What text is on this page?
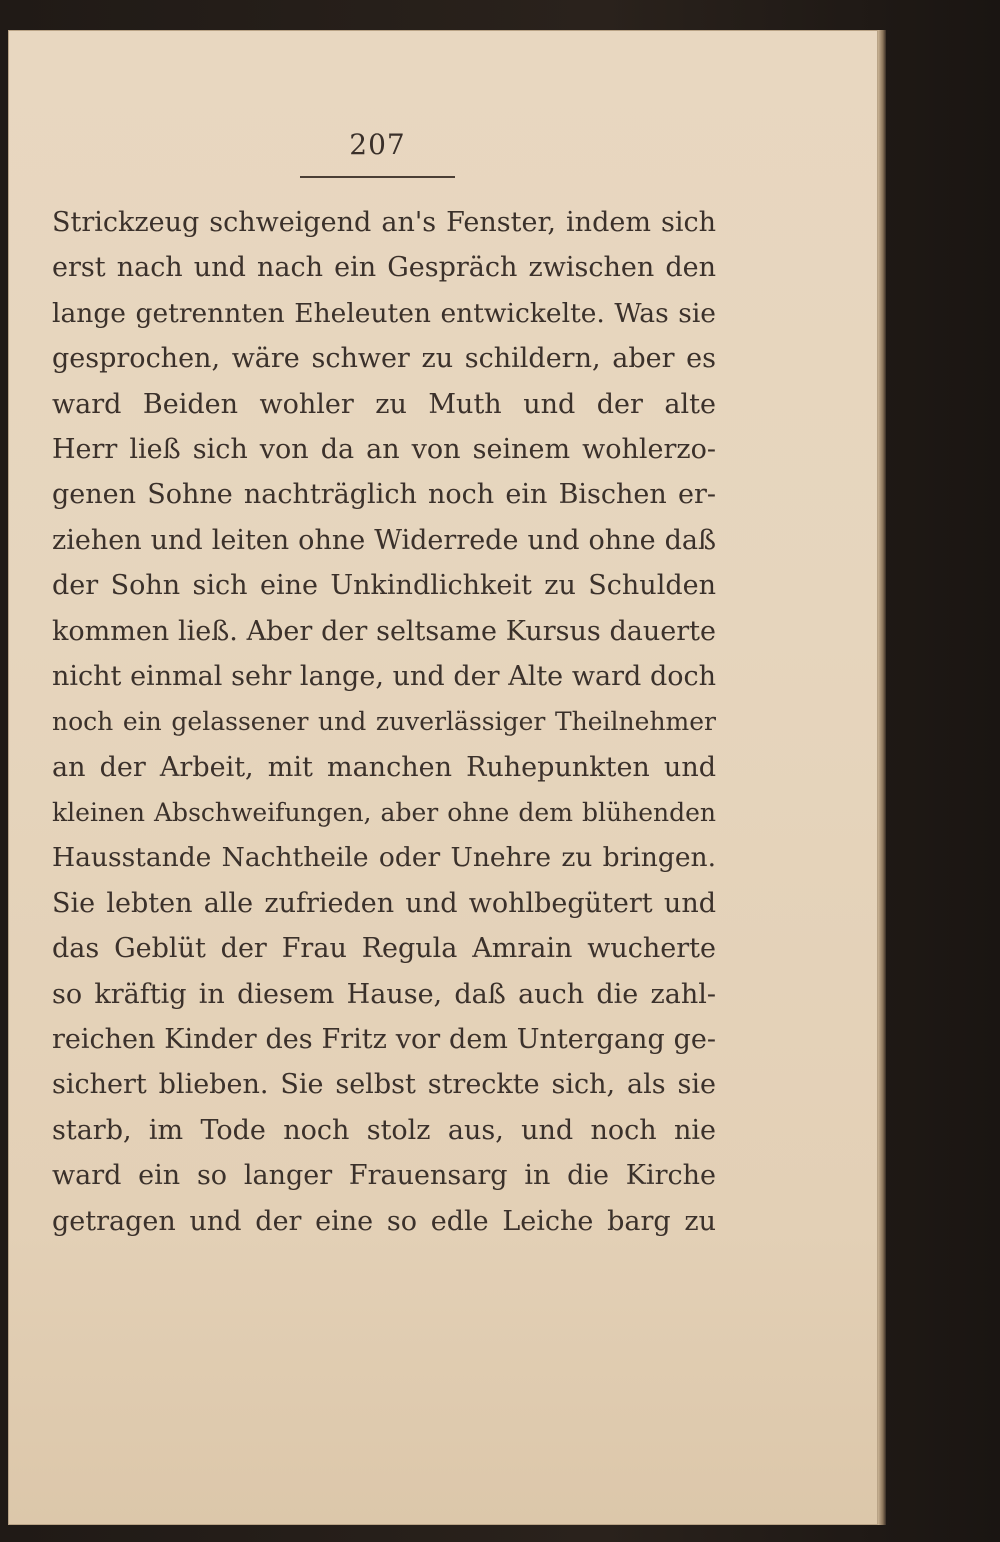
207
Strickzeug schweigend an's Fenster, indem sich
erst nach und nach ein Gespräch zwischen den
lange getrennten Eheleuten entwickelte. Was sie
gesprochen, wäre schwer zu schildern, aber es
ward Beiden wohler zu Muth und der alte
Herr ließ sich von da an von seinem wohlerzo-
genen Sohne nachträglich noch ein Bischen er-
ziehen und leiten ohne Widerrede und ohne daß
der Sohn sich eine Unkindlichkeit zu Schulden
kommen ließ. Aber der seltsame Kursus dauerte
nicht einmal sehr lange, und der Alte ward doch
noch ein gelassener und zuverlässiger Theilnehmer
an der Arbeit, mit manchen Ruhepunkten und
kleinen Abschweifungen, aber ohne dem blühenden
Hausstande Nachtheile oder Unehre zu bringen.
Sie lebten alle zufrieden und wohlbegütert und
das Geblüt der Frau Regula Amrain wucherte
so kräftig in diesem Hause, daß auch die zahl-
reichen Kinder des Fritz vor dem Untergang ge-
sichert blieben. Sie selbst streckte sich, als sie
starb, im Tode noch stolz aus, und noch nie
ward ein so langer Frauensarg in die Kirche
getragen und der eine so edle Leiche barg zu
